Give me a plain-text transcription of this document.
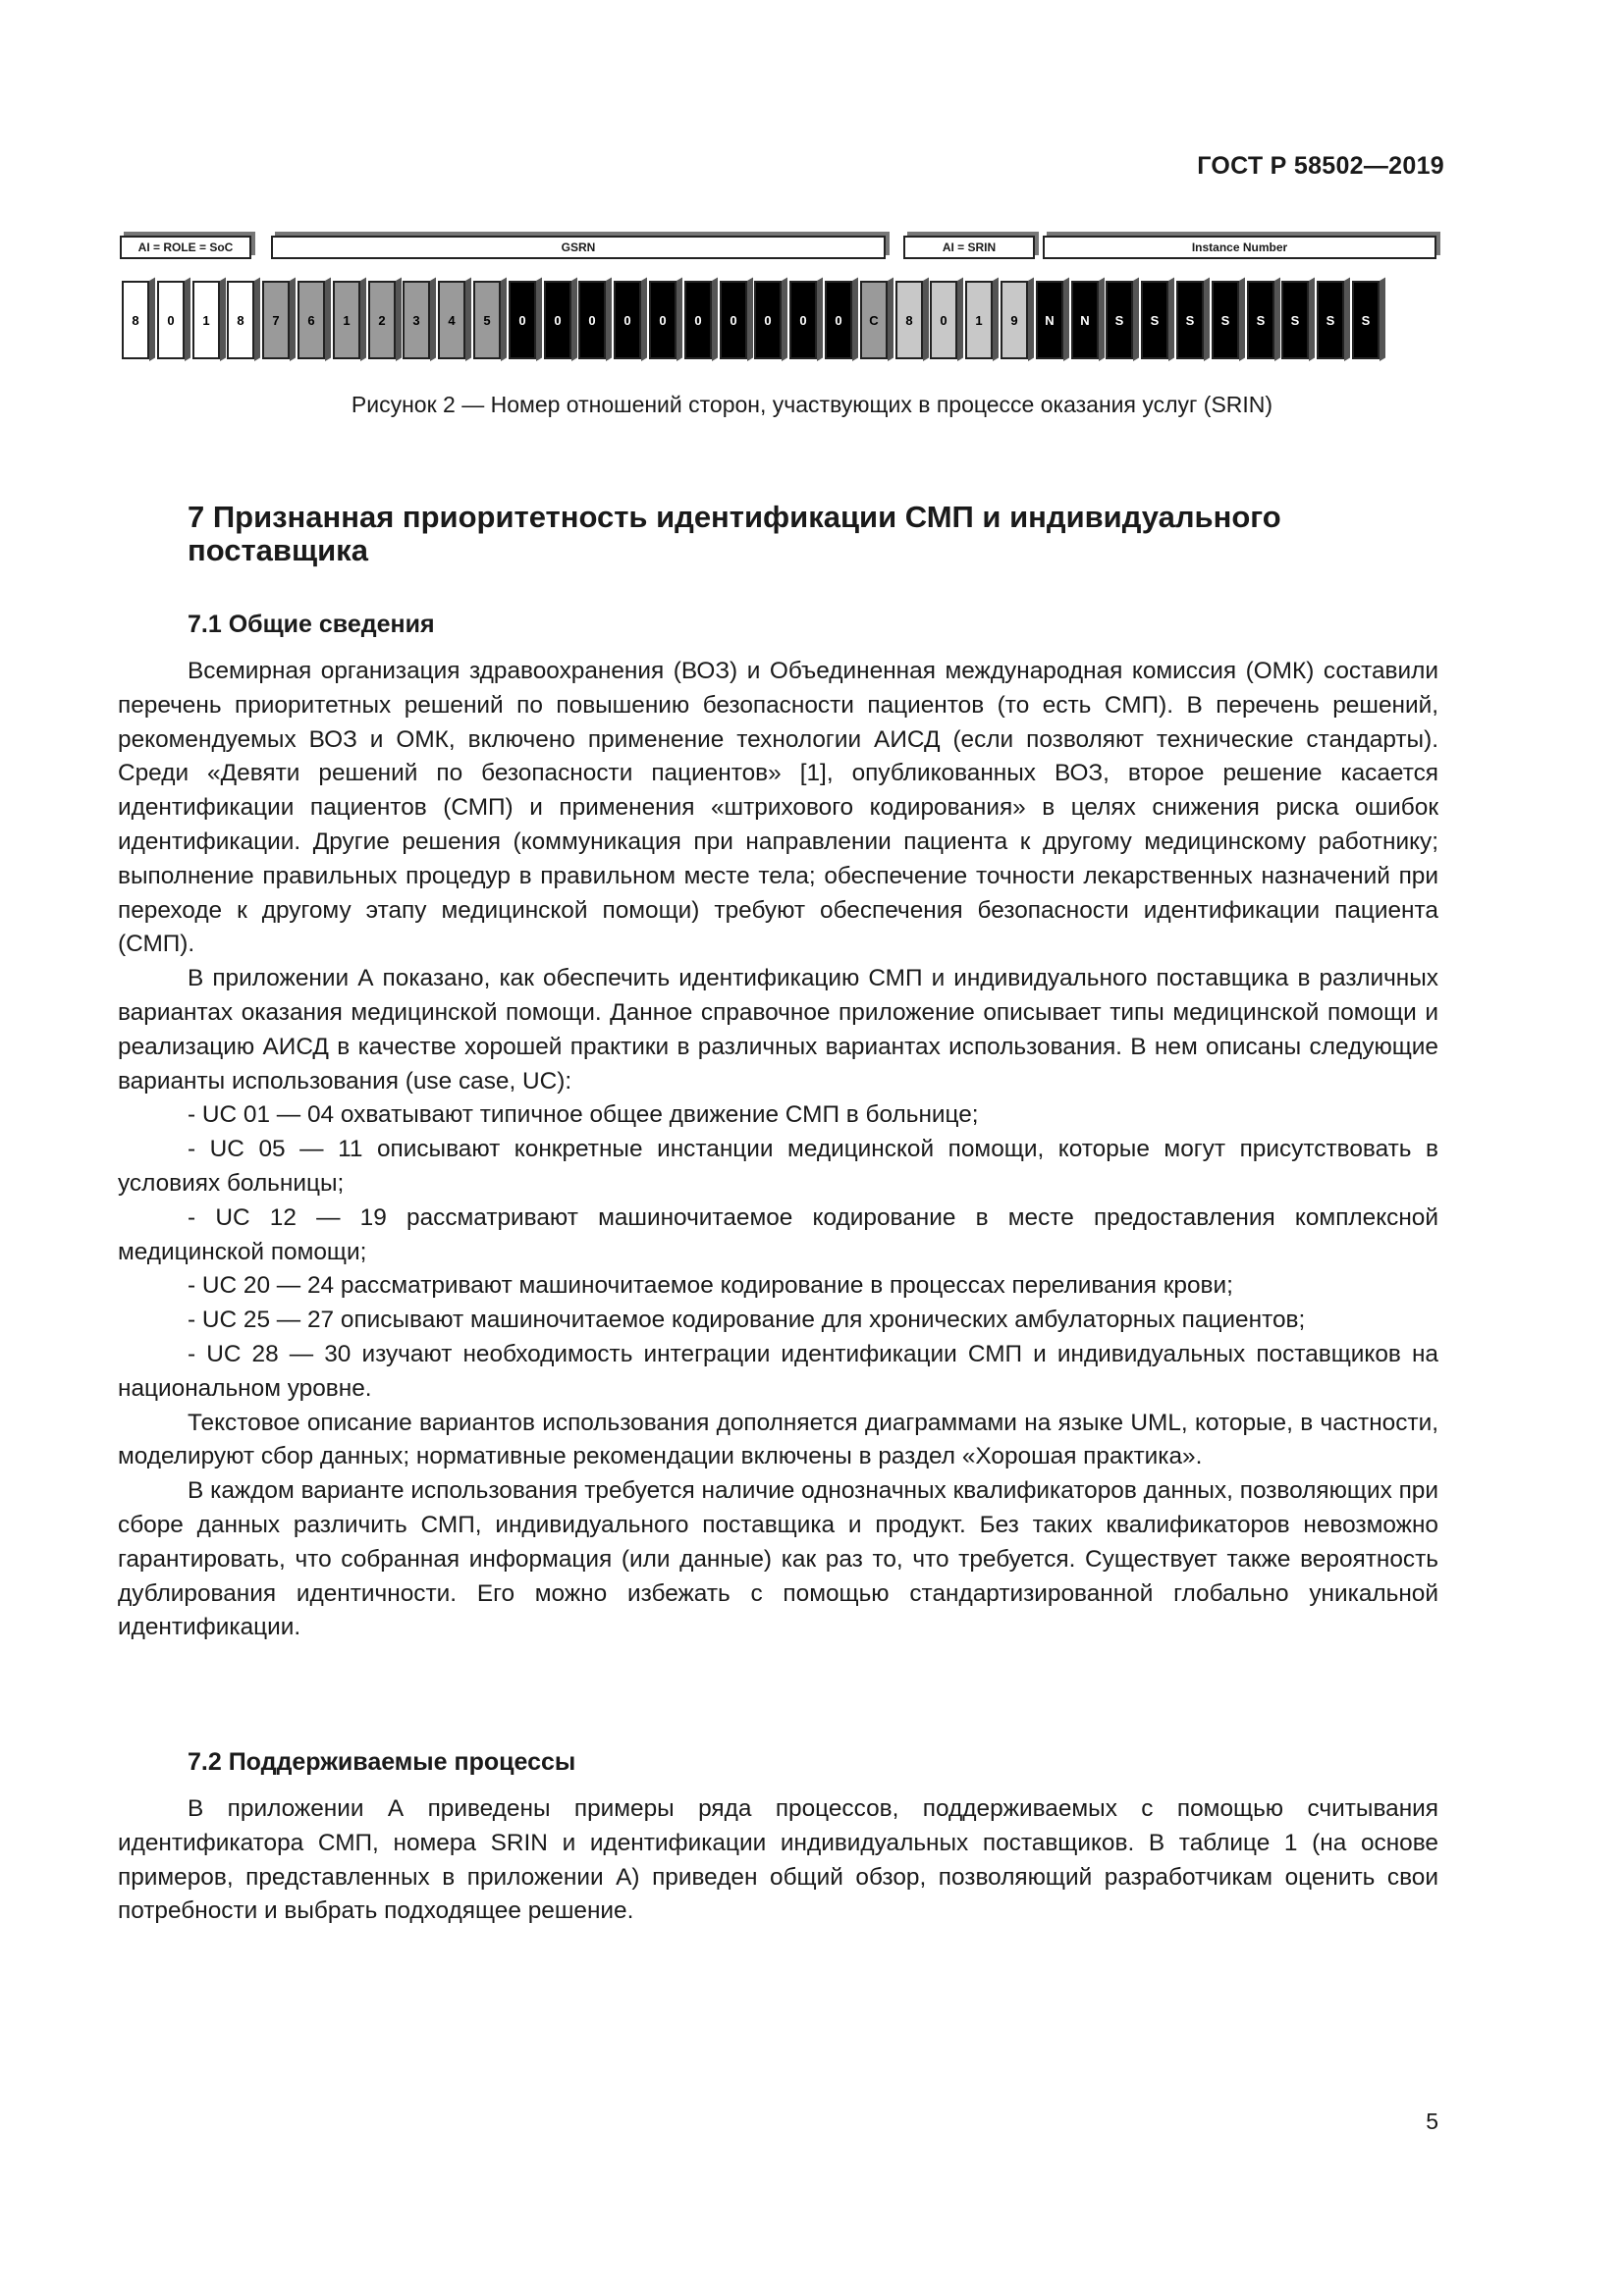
ГОСТ Р 58502—2019
AI = ROLE = SoC	GSRN	AI = SRIN	Instance Number
8	0	1	8	7	6	1	2	3	4	5	0	0	0	0	0	0	0	0	0	0	C	8	0	1	9	N	N	S	S	S	S	S	S	S	S
Рисунок 2 — Номер отношений сторон, участвующих в процессе оказания услуг (SRIN)
7 Признанная приоритетность идентификации СМП и индивидуального поставщика
7.1 Общие сведения

Всемирная организация здравоохранения (ВОЗ) и Объединенная международная комиссия (ОМК) составили перечень приоритетных решений по повышению безопасности пациентов (то есть СМП). В перечень решений, рекомендуемых ВОЗ и ОМК, включено применение технологии АИСД (если позволяют технические стандарты). Среди «Девяти решений по безопасности пациентов» [1], опубликованных ВОЗ, второе решение касается идентификации пациентов (СМП) и применения «штрихового кодирования» в целях снижения риска ошибок идентификации. Другие решения (коммуникация при направлении пациента к другому медицинскому работнику; выполнение правильных процедур в правильном месте тела; обеспечение точности лекарственных назначений при переходе к другому этапу медицинской помощи) требуют обеспечения безопасности идентификации пациента (СМП).

В приложении А показано, как обеспечить идентификацию СМП и индивидуального поставщика в различных вариантах оказания медицинской помощи. Данное справочное приложение описывает типы медицинской помощи и реализацию АИСД в качестве хорошей практики в различных вариантах использования. В нем описаны следующие варианты использования (use case, UC):

- UC 01 — 04 охватывают типичное общее движение СМП в больнице;

- UC 05 — 11 описывают конкретные инстанции медицинской помощи, которые могут присутствовать в условиях больницы;

- UC 12 — 19 рассматривают машиночитаемое кодирование в месте предоставления комплексной медицинской помощи;

- UC 20 — 24 рассматривают машиночитаемое кодирование в процессах переливания крови;

- UC 25 — 27 описывают машиночитаемое кодирование для хронических амбулаторных пациентов;

- UC 28 — 30 изучают необходимость интеграции идентификации СМП и индивидуальных поставщиков на национальном уровне.

Текстовое описание вариантов использования дополняется диаграммами на языке UML, которые, в частности, моделируют сбор данных; нормативные рекомендации включены в раздел «Хорошая практика».

В каждом варианте использования требуется наличие однозначных квалификаторов данных, позволяющих при сборе данных различить СМП, индивидуального поставщика и продукт. Без таких квалификаторов невозможно гарантировать, что собранная информация (или данные) как раз то, что требуется. Существует также вероятность дублирования идентичности. Его можно избежать с помощью стандартизированной глобально уникальной идентификации.

7.2 Поддерживаемые процессы

В приложении А приведены примеры ряда процессов, поддерживаемых с помощью считывания идентификатора СМП, номера SRIN и идентификации индивидуальных поставщиков. В таблице 1 (на основе примеров, представленных в приложении А) приведен общий обзор, позволяющий разработчикам оценить свои потребности и выбрать подходящее решение.

5
